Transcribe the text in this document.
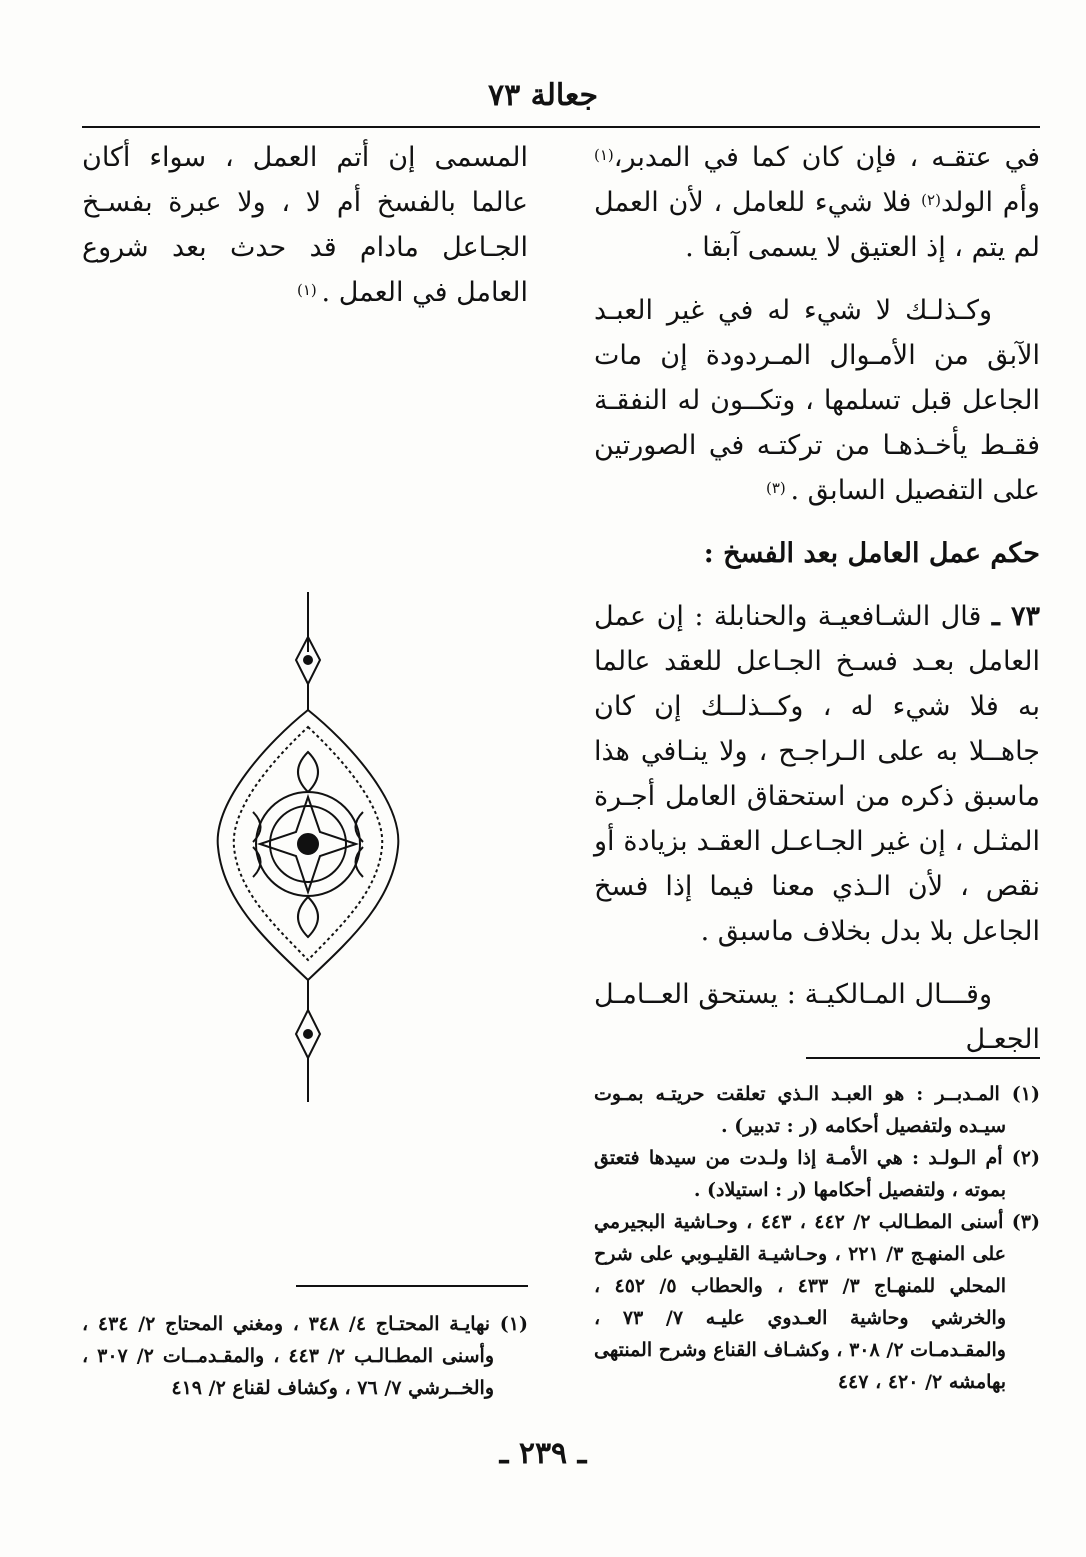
جعالة ٧٣

في عتقـه ، فإن كان كما في المدبر،$^{(١)}$ وأم الولد$^{(٢)}$ فلا شيء للعامل ، لأن العمل لم يتم ، إذ العتيق لا يسمى آبقا .

وكـذلـك لا شيء له في غير العبـد الآبق من الأمـوال المـردودة إن مات الجاعل قبل تسلمها ، وتكــون له النفقـة فقـط يأخـذهـا من تركتـه في الصورتين على التفصيل السابق . $^{(٣)}$

حكم عمل العامل بعد الفسخ :

٧٣ ـ قال الشـافعيـة والحنابلة : إن عمل العامل بعـد فسـخ الجـاعل للعقد عالما به فلا شيء له ، وكــذلــك إن كان جاهــلا به على الـراجـح ، ولا ينـافي هذا ماسبق ذكره من استحقاق العامل أجـرة المثـل ، إن غير الجـاعـل العقـد بزيادة أو نقص ، لأن الـذي معنا فيما إذا فسخ الجاعل بلا بدل بخلاف ماسبق .

وقـــال المـالكيـة : يستحق العــامـل الجعـل

المسمى إن أتم العمل ، سواء أكان عالما بالفسخ أم لا ، ولا عبرة بفسـخ الجـاعل مادام قد حدث بعد شروع العامل في العمل . $^{(١)}$

(١) المـدبــر : هو العبـد الـذي تعلقت حريتـه بمـوت سيـده ولتفصيل أحكامه (ر : تدبير) .

(٢) أم الـولـد : هي الأمـة إذا ولـدت من سيدها فتعتق بموته ، ولتفصيل أحكامها (ر : استيلاد) .

(٣) أسنى المطـالب ٢/ ٤٤٢ ، ٤٤٣ ، وحـاشية البجيرمي على المنهـج ٣/ ٢٢١ ، وحـاشيـة القليـوبي على شرح المحلي للمنهـاج ٣/ ٤٣٣ ، والحطاب ٥/ ٤٥٢ ، والخرشي وحاشية العـدوي عليـه ٧/ ٧٣ ، والمقـدمـات ٢/ ٣٠٨ ، وكشـاف القناع وشرح المنتهى بهامشه ٢/ ٤٢٠ ، ٤٤٧

(١) نهايـة المحتـاج ٤/ ٣٤٨ ، ومغني المحتاج ٢/ ٤٣٤ ، وأسنى المطـالـب ٢/ ٤٤٣ ، والمقـدمــات ٢/ ٣٠٧ ، والخــرشي ٧/ ٧٦ ، وكشاف لقناع ٢/ ٤١٩

ـ ٢٣٩ ـ
